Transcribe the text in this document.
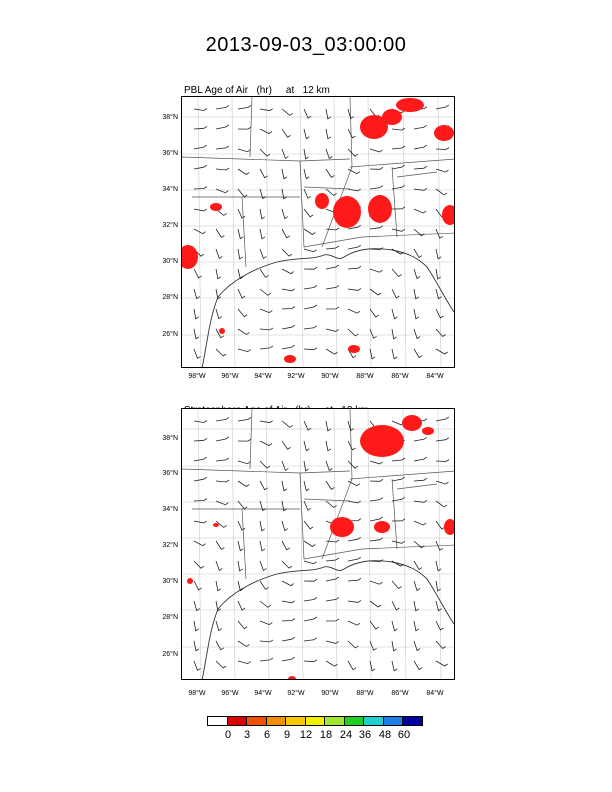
2013-09-03_03:00:00

PBL Age of Air   (hr)     at   12 km

38°N
36°N
34°N
32°N
30°N
28°N
26°N
38°N
36°N
34°N
32°N
30°N
28°N
26°N
98°W	96°W	94°W	92°W	90°W	88°W	86°W	84°W
98°W	96°W	94°W	92°W	90°W	88°W	86°W	84°W
0	3	6	9 12 18 24 36 48 60
